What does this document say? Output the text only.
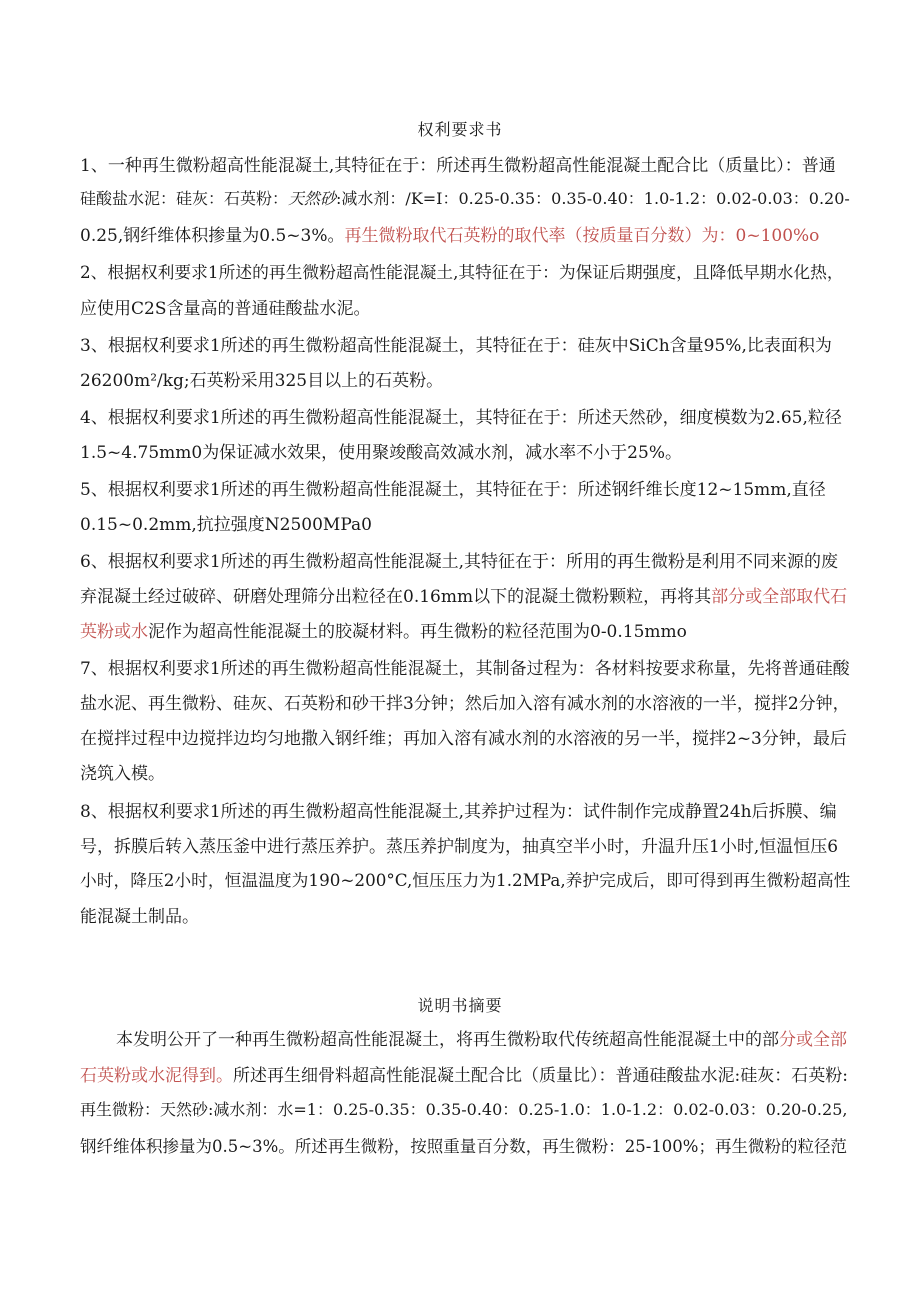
权利要求书
1、一种再生微粉超高性能混凝土,其特征在于：所述再生微粉超高性能混凝土配合比（质量比）：普通
硅酸盐水泥：硅灰：石英粉：天然砂:减水剂：/K=I：0.25-0.35：0.35-0.40：1.0-1.2：0.02-0.03：0.20-
0.25,钢纤维体积掺量为0.5~3%。再生微粉取代石英粉的取代率（按质量百分数）为：0~100%o
2、根据权利要求1所述的再生微粉超高性能混凝土,其特征在于：为保证后期强度，且降低早期水化热，
应使用C2S含量高的普通硅酸盐水泥。
3、根据权利要求1所述的再生微粉超高性能混凝土，其特征在于：硅灰中SiCh含量95%,比表面积为
26200m²/kg;石英粉采用325目以上的石英粉。
4、根据权利要求1所述的再生微粉超高性能混凝土，其特征在于：所述天然砂，细度模数为2.65,粒径
1.5~4.75mm0为保证减水效果，使用聚竣酸高效减水剂，减水率不小于25%。
5、根据权利要求1所述的再生微粉超高性能混凝土，其特征在于：所述钢纤维长度12~15mm,直径
0.15~0.2mm,抗拉强度N2500MPa0
6、根据权利要求1所述的再生微粉超高性能混凝土,其特征在于：所用的再生微粉是利用不同来源的废
弃混凝土经过破碎、研磨处理筛分出粒径在0.16mm以下的混凝土微粉颗粒，再将其部分或全部取代石
英粉或水泥作为超高性能混凝土的胶凝材料。再生微粉的粒径范围为0-0.15mmo
7、根据权利要求1所述的再生微粉超高性能混凝土，其制备过程为：各材料按要求称量，先将普通硅酸
盐水泥、再生微粉、硅灰、石英粉和砂干拌3分钟；然后加入溶有减水剂的水溶液的一半，搅拌2分钟，
在搅拌过程中边搅拌边均匀地撒入钢纤维；再加入溶有减水剂的水溶液的另一半，搅拌2~3分钟，最后
浇筑入模。
8、根据权利要求1所述的再生微粉超高性能混凝土,其养护过程为：试件制作完成静置24h后拆膜、编
号，拆膜后转入蒸压釜中进行蒸压养护。蒸压养护制度为，抽真空半小时，升温升压1小时,恒温恒压6
小时，降压2小时，恒温温度为190~200°C,恒压压力为1.2MPa,养护完成后，即可得到再生微粉超高性
能混凝土制品。
说明书摘要
本发明公开了一种再生微粉超高性能混凝土，将再生微粉取代传统超高性能混凝土中的部分或全部
石英粉或水泥得到。所述再生细骨料超高性能混凝土配合比（质量比）：普通硅酸盐水泥:硅灰：石英粉:
再生微粉：天然砂:减水剂：水=1：0.25-0.35：0.35-0.40：0.25-1.0：1.0-1.2：0.02-0.03：0.20-0.25,
钢纤维体积掺量为0.5~3%。所述再生微粉，按照重量百分数，再生微粉：25-100%；再生微粉的粒径范
